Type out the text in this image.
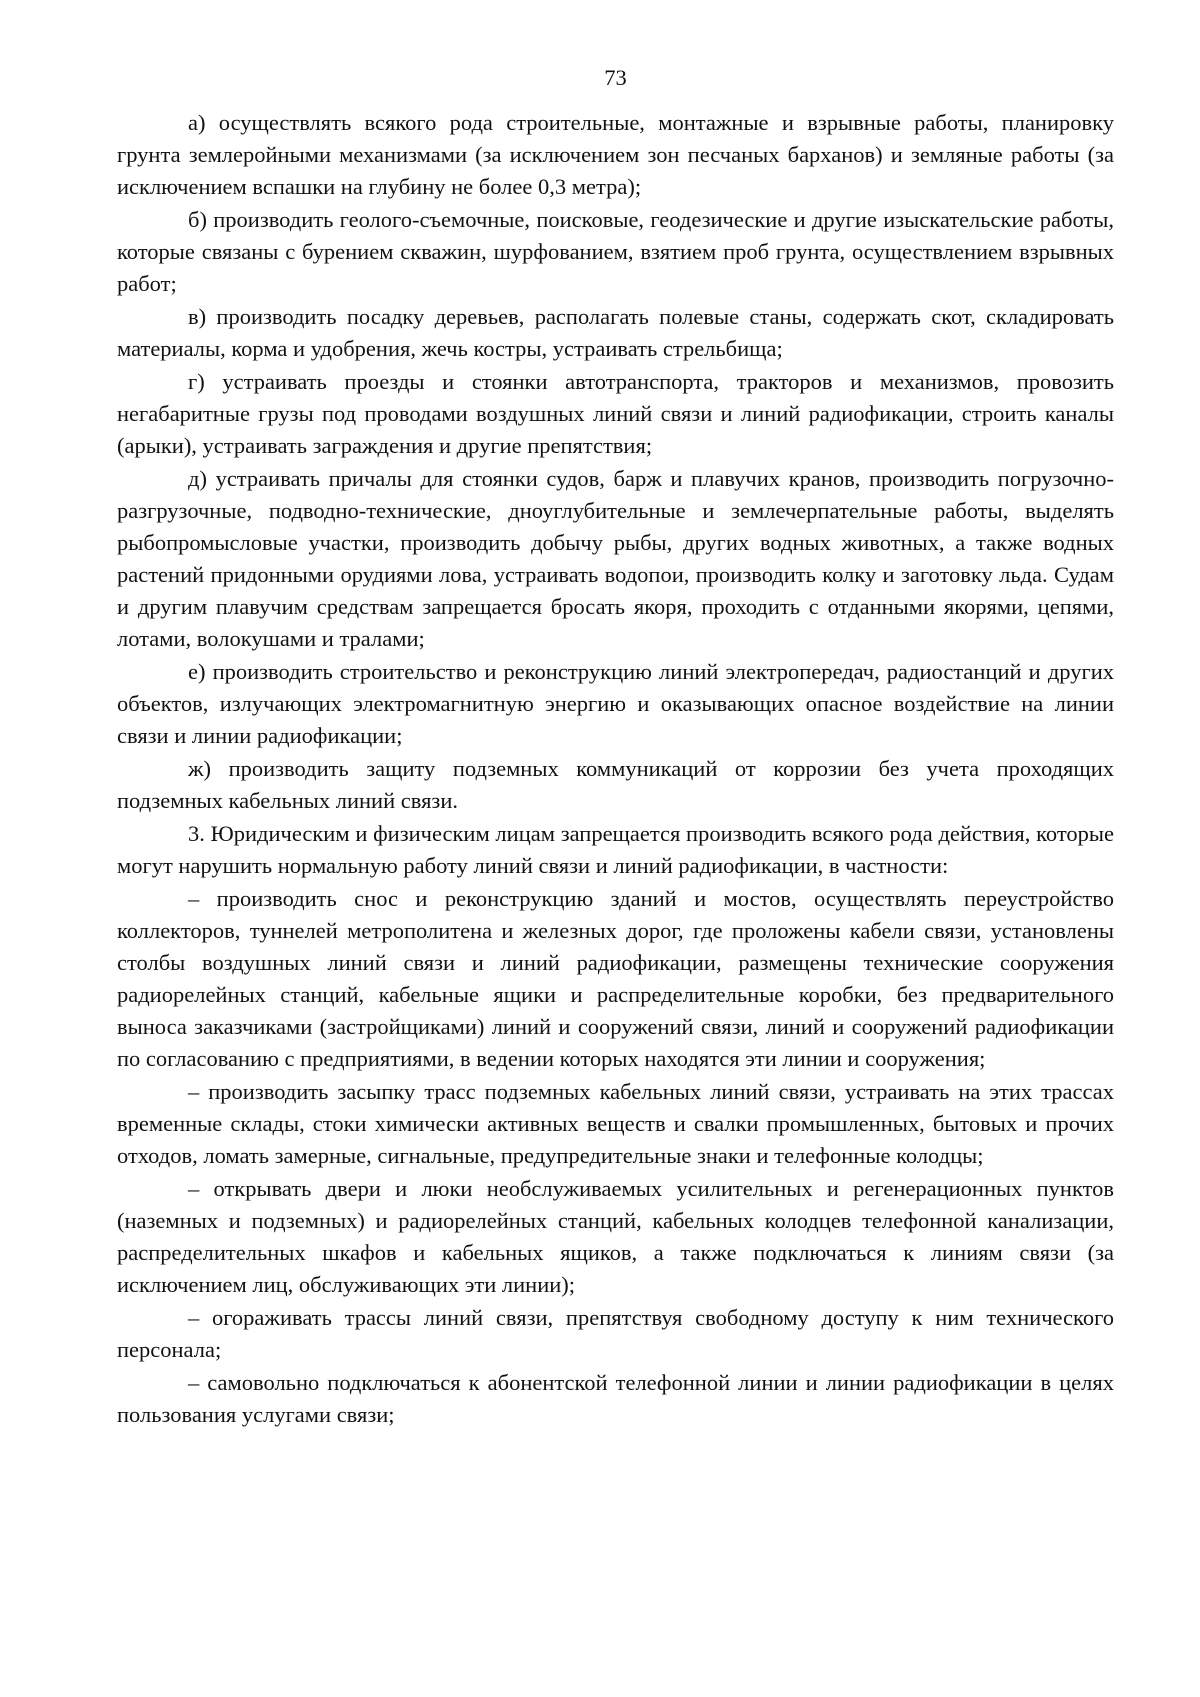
73

а) осуществлять всякого рода строительные, монтажные и взрывные работы, планировку грунта землеройными механизмами (за исключением зон песчаных барханов) и земляные работы (за исключением вспашки на глубину не более 0,3 метра);

б) производить геолого-съемочные, поисковые, геодезические и другие изыскательские работы, которые связаны с бурением скважин, шурфованием, взятием проб грунта, осуществлением взрывных работ;

в) производить посадку деревьев, располагать полевые станы, содержать скот, складировать материалы, корма и удобрения, жечь костры, устраивать стрельбища;

г) устраивать проезды и стоянки автотранспорта, тракторов и механизмов, провозить негабаритные грузы под проводами воздушных линий связи и линий радиофикации, строить каналы (арыки), устраивать заграждения и другие препятствия;

д) устраивать причалы для стоянки судов, барж и плавучих кранов, производить погрузочно-разгрузочные, подводно-технические, дноуглубительные и землечерпательные работы, выделять рыбопромысловые участки, производить добычу рыбы, других водных животных, а также водных растений придонными орудиями лова, устраивать водопои, производить колку и заготовку льда. Судам и другим плавучим средствам запрещается бросать якоря, проходить с отданными якорями, цепями, лотами, волокушами и тралами;

е) производить строительство и реконструкцию линий электропередач, радиостанций и других объектов, излучающих электромагнитную энергию и оказывающих опасное воздействие на линии связи и линии радиофикации;

ж) производить защиту подземных коммуникаций от коррозии без учета проходящих подземных кабельных линий связи.

3. Юридическим и физическим лицам запрещается производить всякого рода действия, которые могут нарушить нормальную работу линий связи и линий радиофикации, в частности:

– производить снос и реконструкцию зданий и мостов, осуществлять переустройство коллекторов, туннелей метрополитена и железных дорог, где проложены кабели связи, установлены столбы воздушных линий связи и линий радиофикации, размещены технические сооружения радиорелейных станций, кабельные ящики и распределительные коробки, без предварительного выноса заказчиками (застройщиками) линий и сооружений связи, линий и сооружений радиофикации по согласованию с предприятиями, в ведении которых находятся эти линии и сооружения;

– производить засыпку трасс подземных кабельных линий связи, устраивать на этих трассах временные склады, стоки химически активных веществ и свалки промышленных, бытовых и прочих отходов, ломать замерные, сигнальные, предупредительные знаки и телефонные колодцы;

– открывать двери и люки необслуживаемых усилительных и регенерационных пунктов (наземных и подземных) и радиорелейных станций, кабельных колодцев телефонной канализации, распределительных шкафов и кабельных ящиков, а также подключаться к линиям связи (за исключением лиц, обслуживающих эти линии);

– огораживать трассы линий связи, препятствуя свободному доступу к ним технического персонала;

– самовольно подключаться к абонентской телефонной линии и линии радиофикации в целях пользования услугами связи;
